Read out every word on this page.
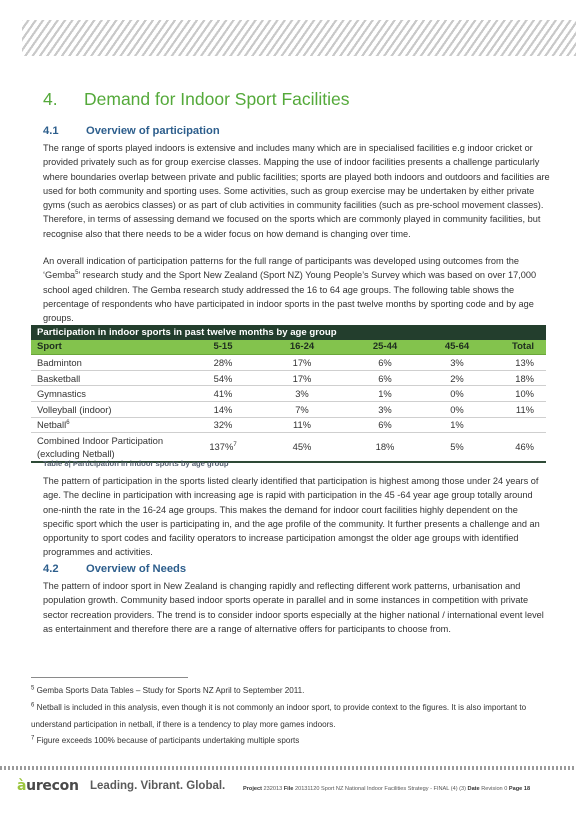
4. Demand for Indoor Sport Facilities
4.1 Overview of participation

The range of sports played indoors is extensive and includes many which are in specialised facilities e.g indoor cricket or provided privately such as for group exercise classes. Mapping the use of indoor facilities presents a challenge particularly where boundaries overlap between private and public facilities; sports are played both indoors and outdoors and facilities are used for both community and sporting uses. Some activities, such as group exercise may be undertaken by either private gyms (such as aerobics classes) or as part of club activities in community facilities (such as pre-school movement classes). Therefore, in terms of assessing demand we focused on the sports which are commonly played in community facilities, but recognise also that there needs to be a wider focus on how demand is changing over time.

An overall indication of participation patterns for the full range of participants was developed using outcomes from the ‘Gemba$^5$’ research study and the Sport New Zealand (Sport NZ) Young People’s Survey which was based on over 17,000 school aged children. The Gemba research study addressed the 16 to 64 age groups. The following table shows the percentage of respondents who have participated in indoor sports in the past twelve months by sporting code and by age groups.

Participation in indoor sports in past twelve months by age group					
Sport	5-15	16-24	25-44	45-64	Total
Badminton	28%	17%	6%	3%	13%
Basketball	54%	17%	6%	2%	18%
Gymnastics	41%	3%	1%	0%	10%
Volleyball (indoor)	14%	7%	3%	0%	11%
Netball$^6$	32%	11%	6%	1%	
Combined Indoor Participation
(excluding Netball)	137%$^7$	45%	18%	5%	46%
Table 8| Participation in indoor sports by age group

The pattern of participation in the sports listed clearly identified that participation is highest among those under 24 years of age. The decline in participation with increasing age is rapid with participation in the 45 -64 year age group totally around one-ninth the rate in the 16-24 age groups. This makes the demand for indoor court facilities highly dependent on the specific sport which the user is participating in, and the age profile of the community. It further presents a challenge and an opportunity to sport codes and facility operators to increase participation amongst the older age groups with identified programmes and activities.

4.2 Overview of Needs

The pattern of indoor sport in New Zealand is changing rapidly and reflecting different work patterns, urbanisation and population growth. Community based indoor sports operate in parallel and in some instances in competition with private sector recreation providers. The trend is to consider indoor sports especially at the higher national / international event level as entertainment and therefore there are a range of alternative offers for participants to choose from.

$^5$ Gemba Sports Data Tables – Study for Sports NZ April to September 2011.

$^6$ Netball is included in this analysis, even though it is not commonly an indoor sport, to provide context to the figures. It is also important to understand participation in netball, if there is a tendency to play more games indoors.

$^7$ Figure exceeds 100% because of participants undertaking multiple sports

àurecon Leading. Vibrant. Global.	Project 232013 File 20131120 Sport NZ National Indoor Facilities Strategy - FINAL (4) (3) Date Revision 0 Page 18
